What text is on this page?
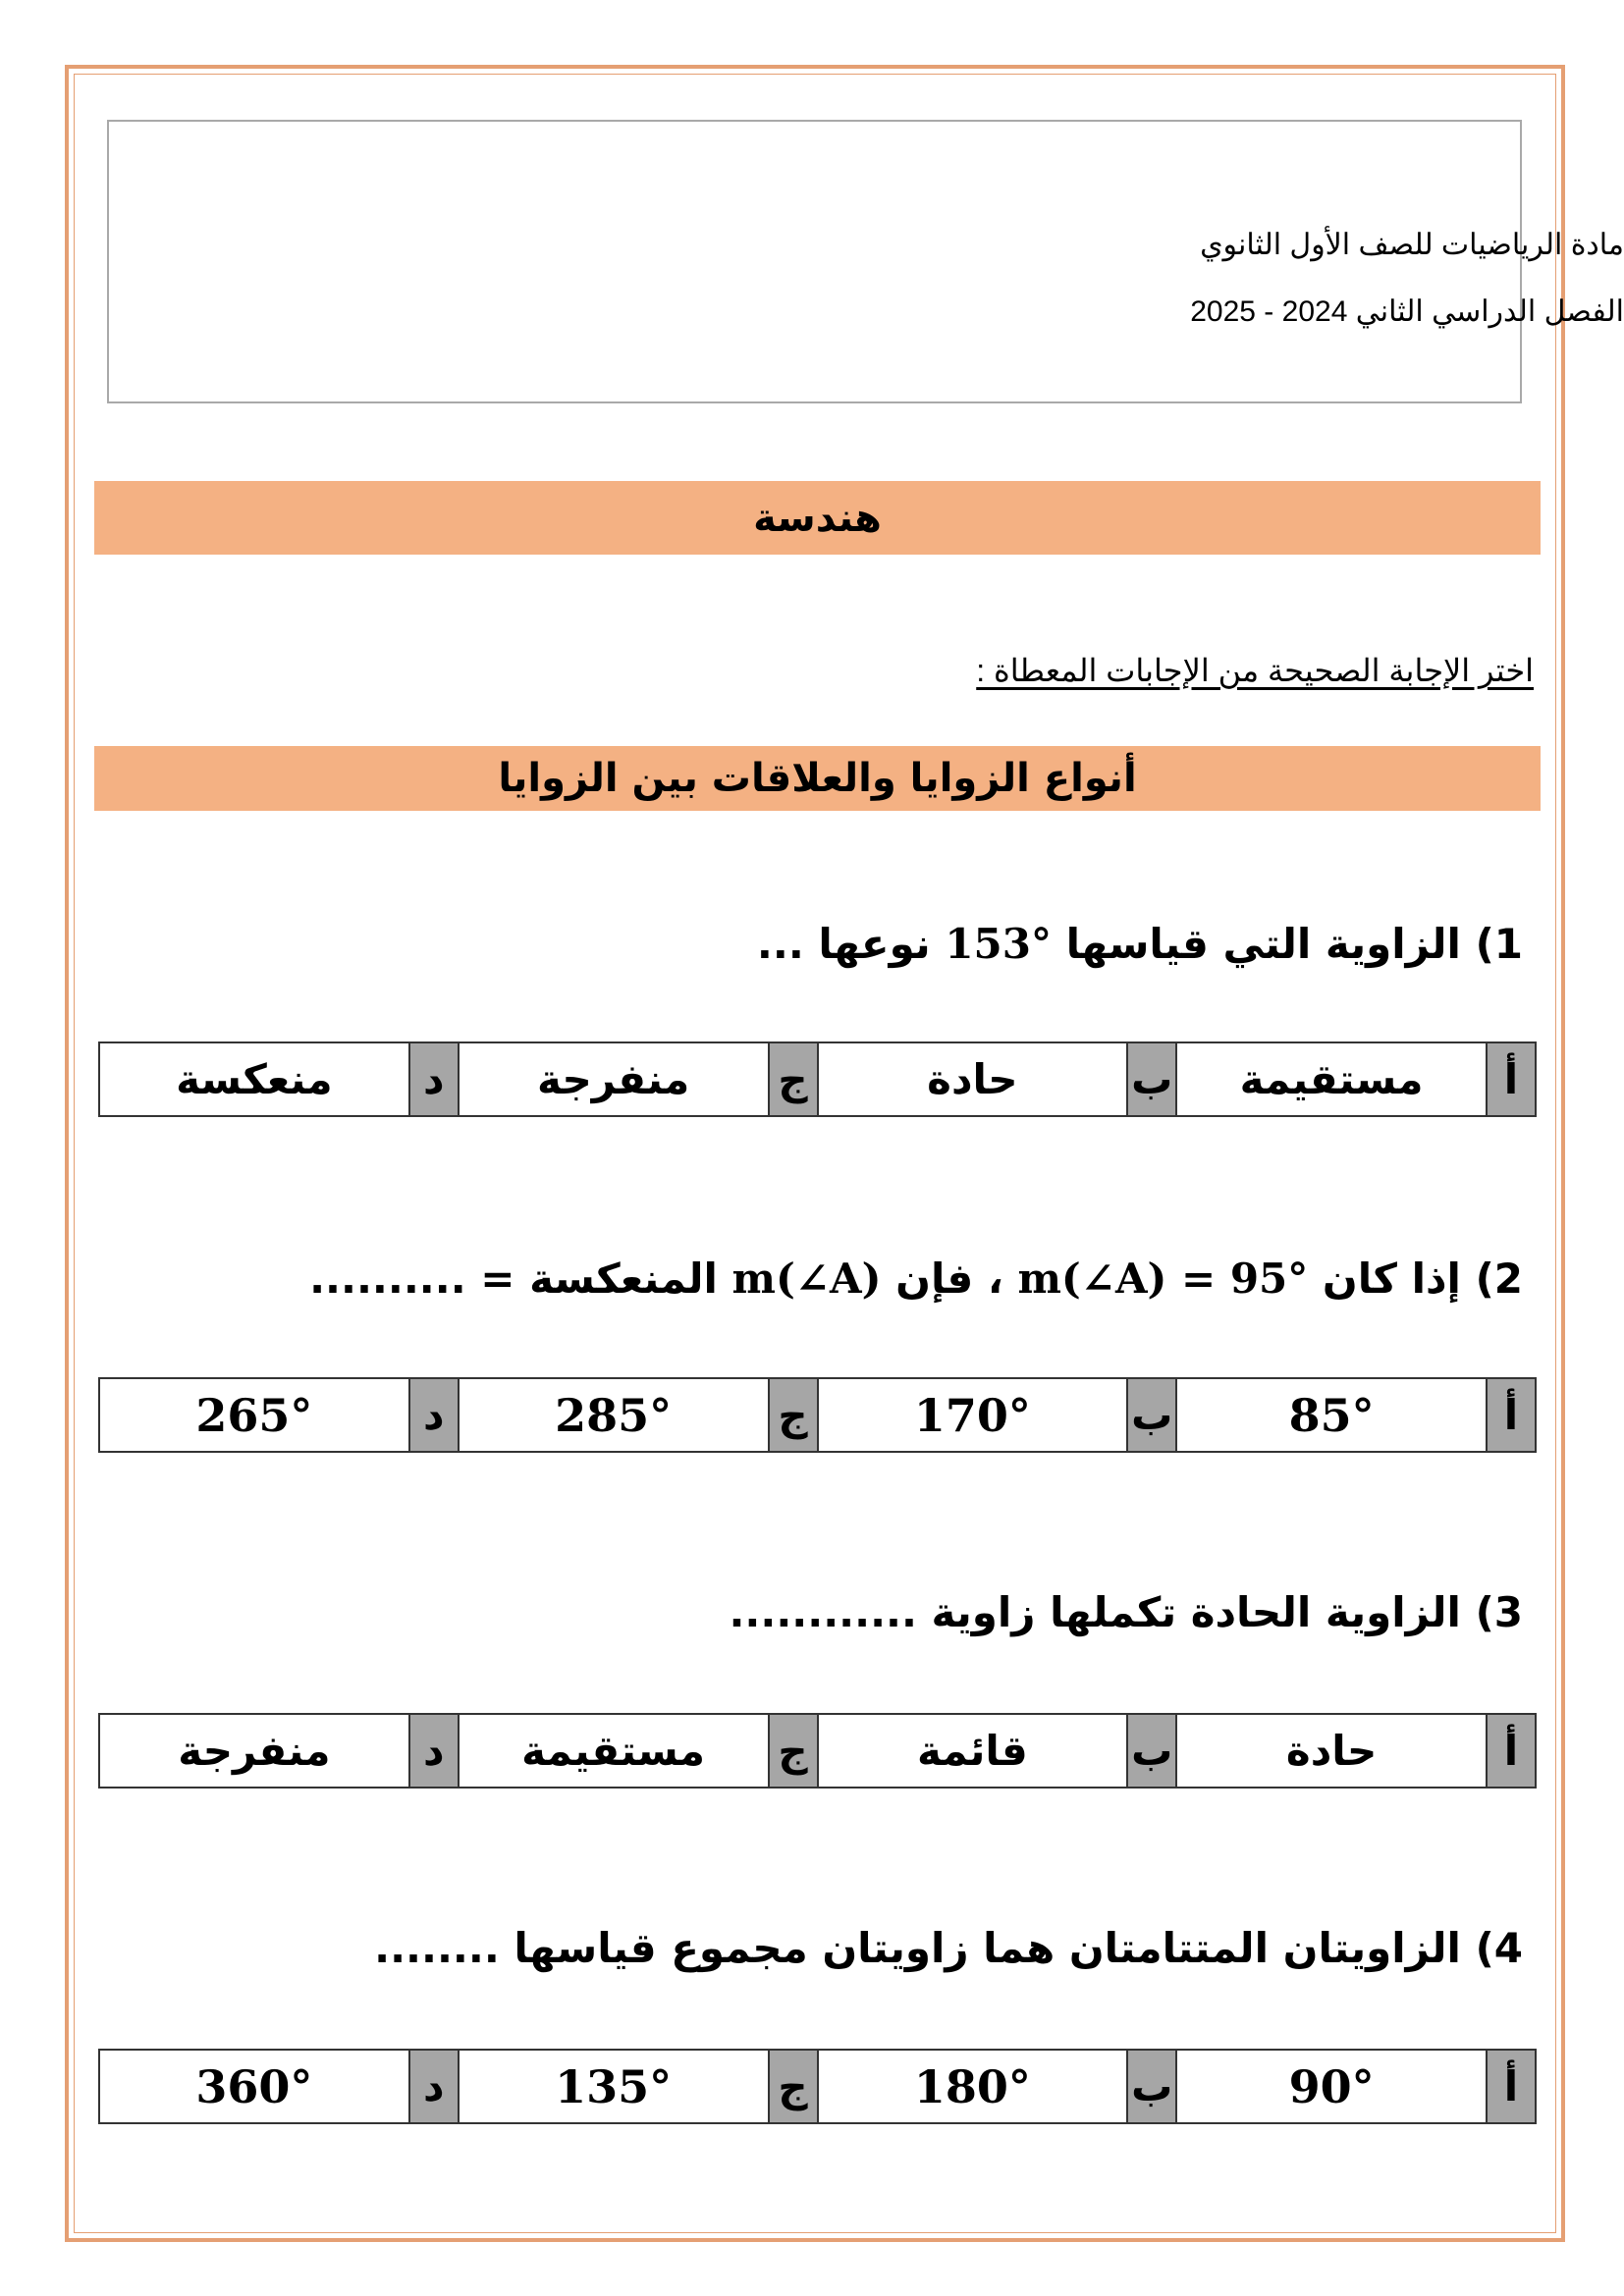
مادة الرياضيات للصف الأول الثانوي
الفصل الدراسي الثاني 2024 - 2025
هندسة
اختر الإجابة الصحيحة من الإجابات المعطاة :
أنواع الزوايا والعلاقات بين الزوايا
1) الزاوية التي قياسها 153° نوعها ...
أ	مستقيمة	ب	حادة	ج	منفرجة	د	منعكسة
2) إذا كان m(∠A) = 95° ، فإن m(∠A) المنعكسة = ..........
أ	85°	ب	170°	ج	285°	د	265°
3) الزاوية الحادة تكملها زاوية ............
أ	حادة	ب	قائمة	ج	مستقيمة	د	منفرجة
4) الزاويتان المتتامتان هما زاويتان مجموع قياسها ........
أ	90°	ب	180°	ج	135°	د	360°
